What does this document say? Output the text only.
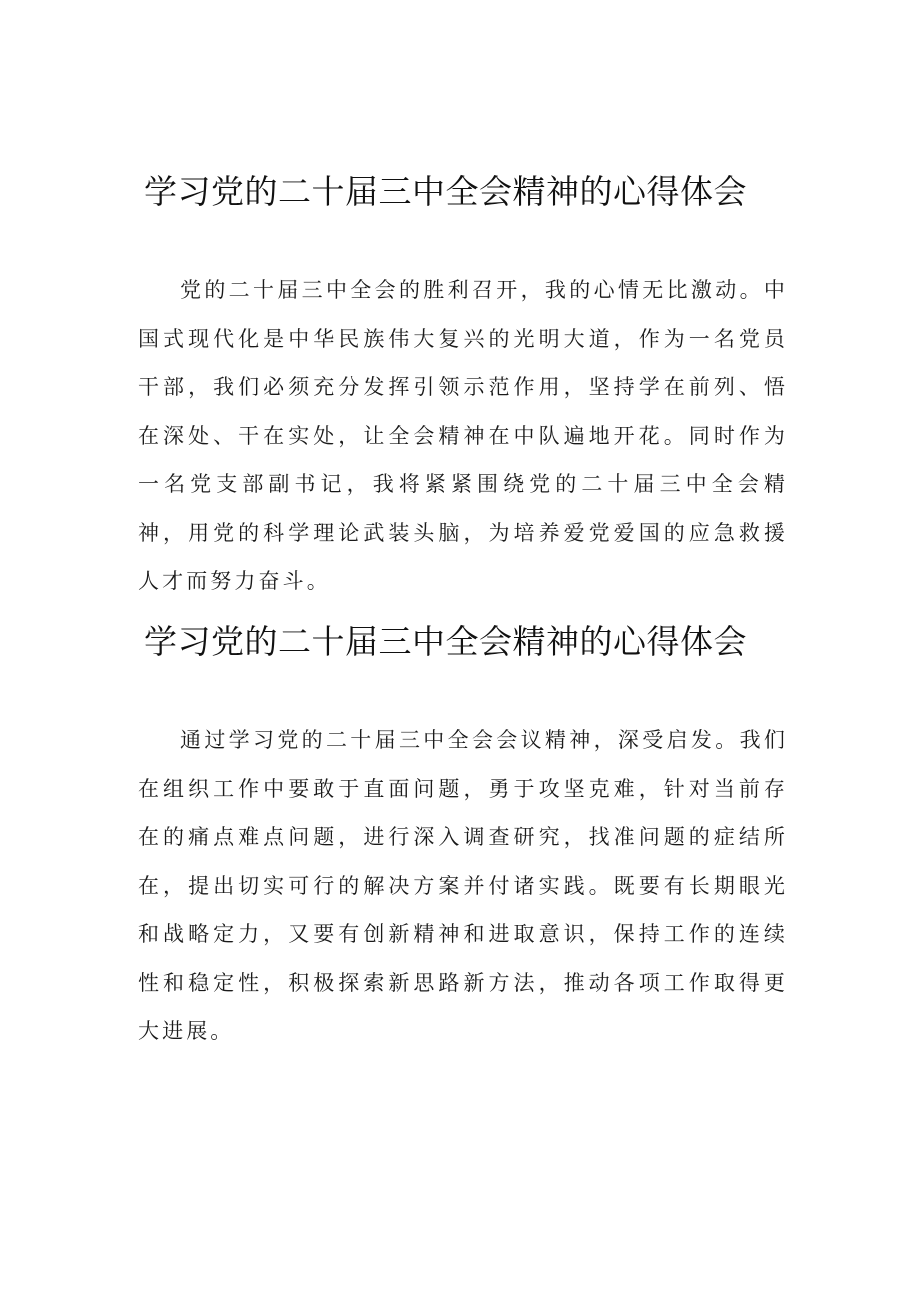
学习党的二十届三中全会精神的心得体会

党的二十届三中全会的胜利召开，我的心情无比激动。中国式现代化是中华民族伟大复兴的光明大道，作为一名党员干部，我们必须充分发挥引领示范作用，坚持学在前列、悟在深处、干在实处，让全会精神在中队遍地开花。同时作为一名党支部副书记，我将紧紧围绕党的二十届三中全会精神，用党的科学理论武装头脑，为培养爱党爱国的应急救援人才而努力奋斗。

学习党的二十届三中全会精神的心得体会

通过学习党的二十届三中全会会议精神，深受启发。我们在组织工作中要敢于直面问题，勇于攻坚克难，针对当前存在的痛点难点问题，进行深入调查研究，找准问题的症结所在，提出切实可行的解决方案并付诸实践。既要有长期眼光和战略定力，又要有创新精神和进取意识，保持工作的连续性和稳定性，积极探索新思路新方法，推动各项工作取得更大进展。
